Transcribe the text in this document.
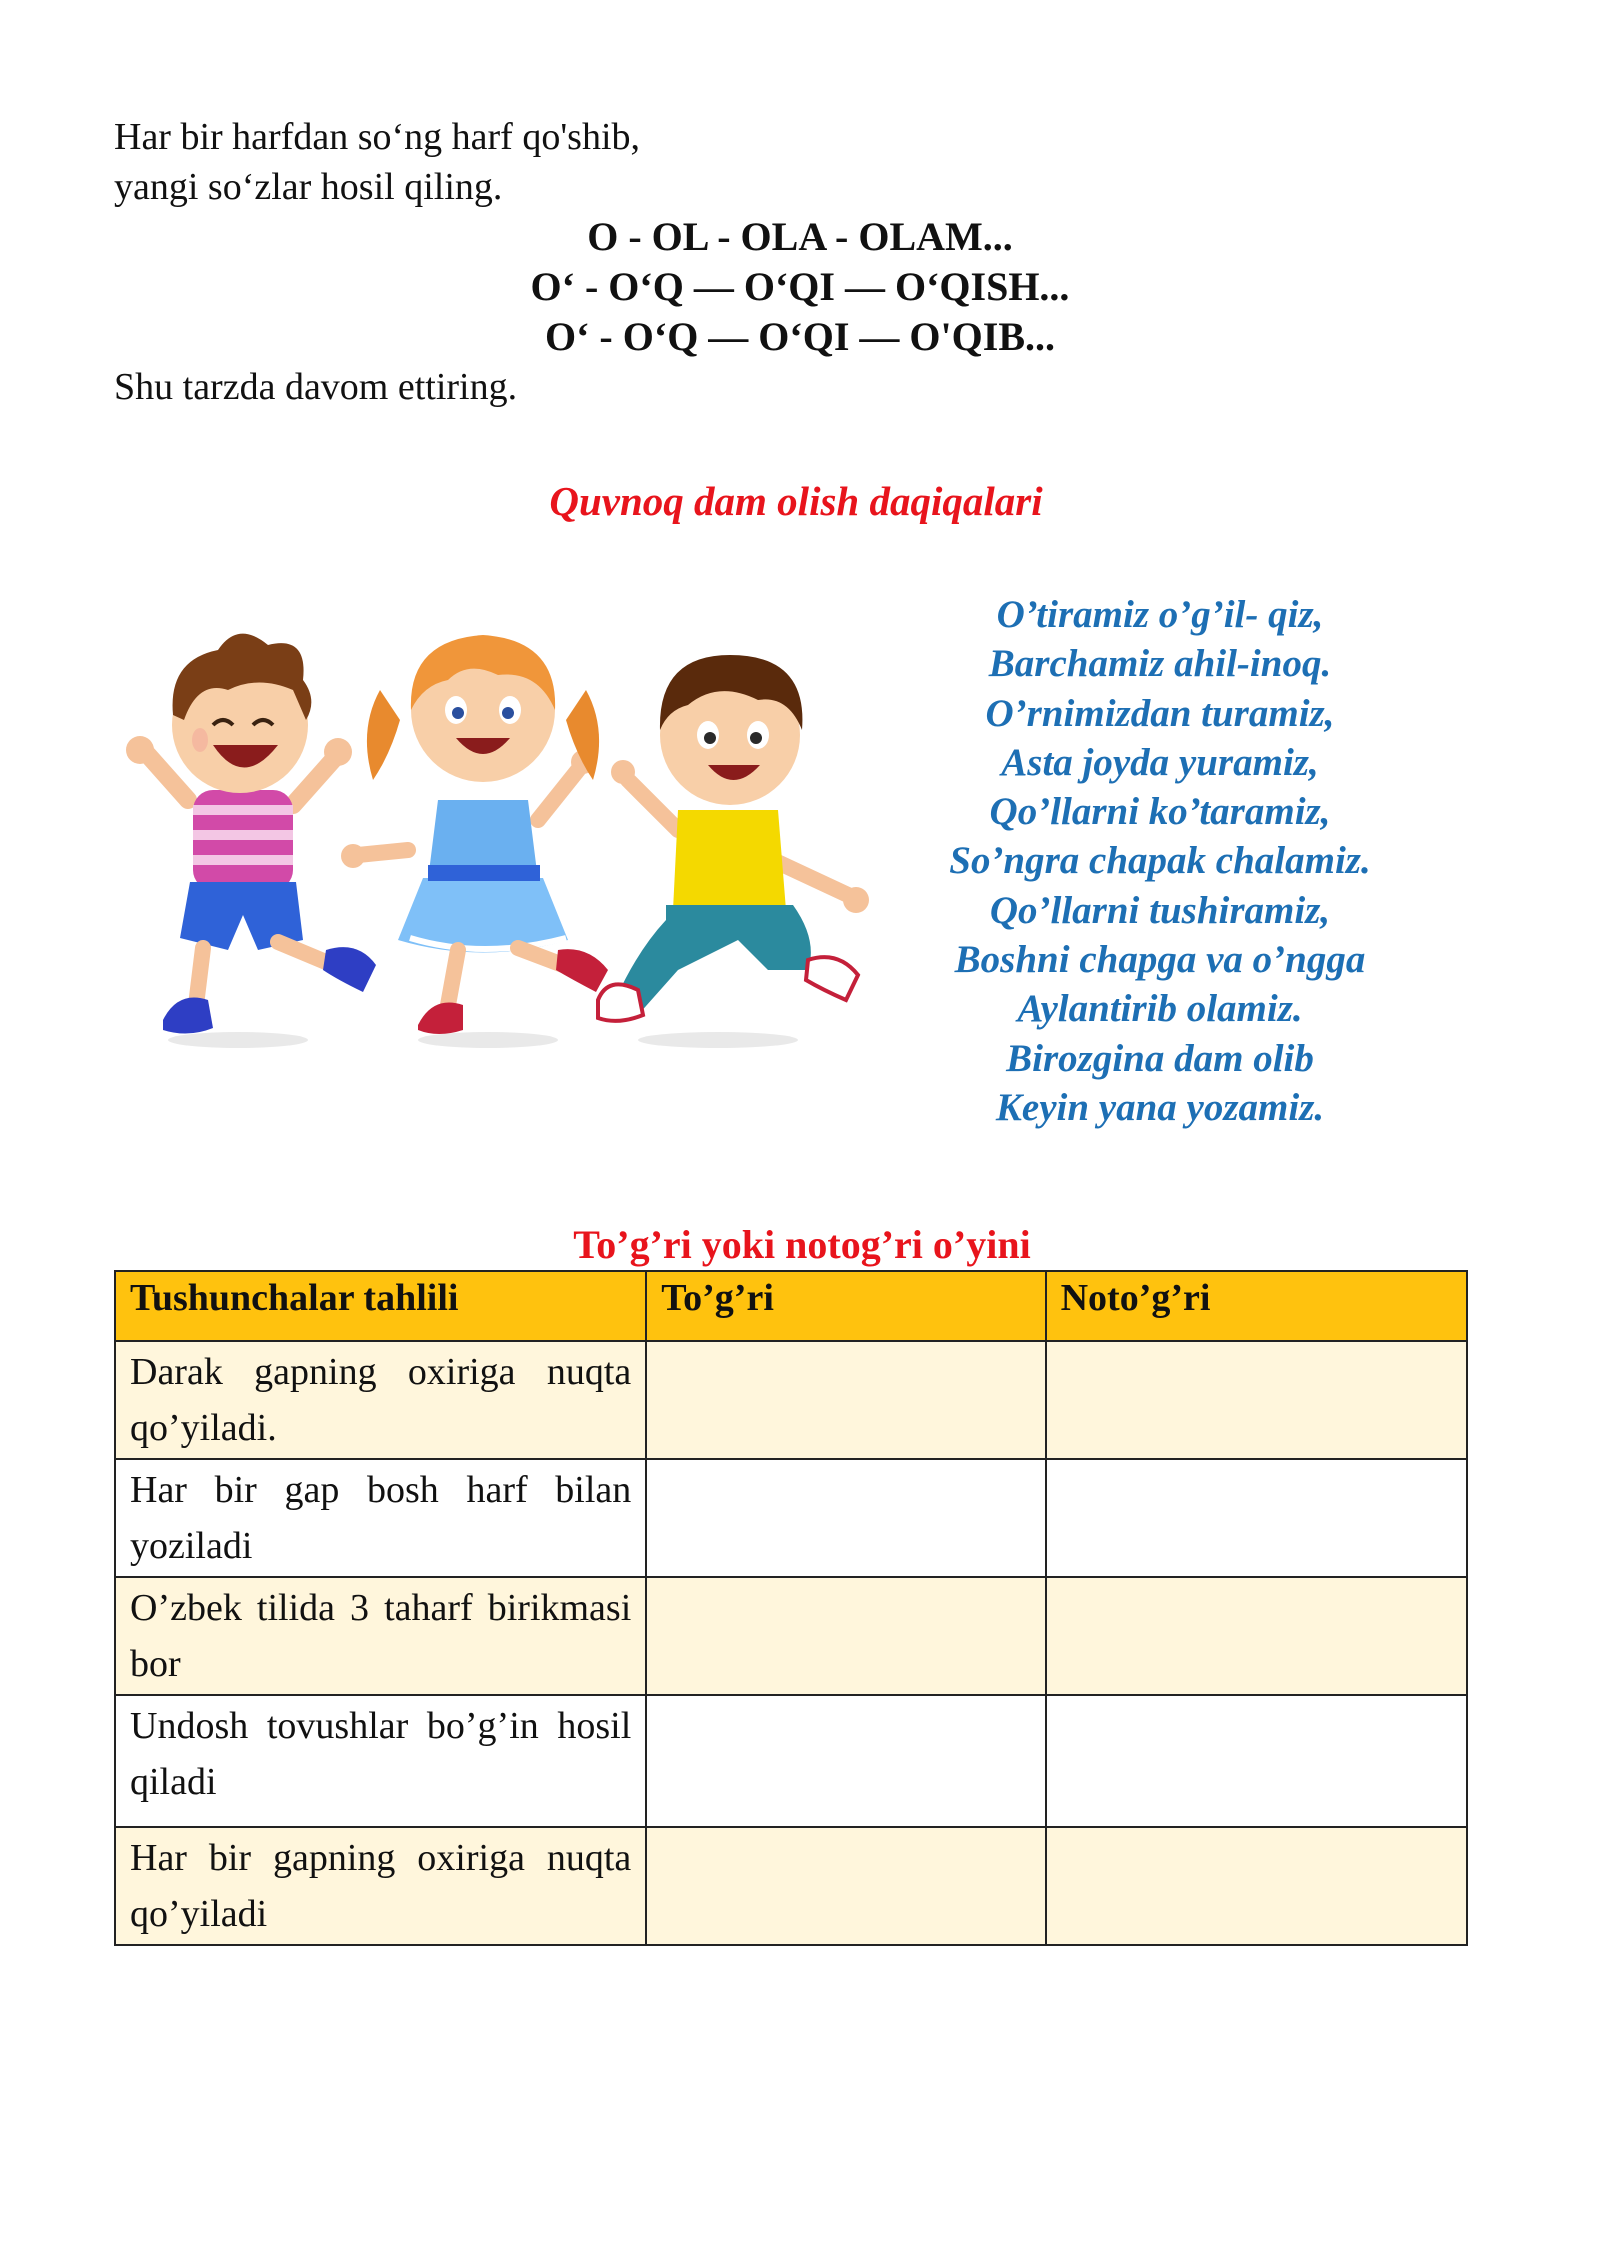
Har bir harfdan so‘ng harf qo'shib,

yangi so‘zlar hosil qiling.

O - OL - OLA - OLAM...
O‘ - O‘Q — O‘QI — O‘QISH...
O‘ - O‘Q — O‘QI — O'QIB...
Shu tarzda davom ettiring.
Quvnoq dam olish daqiqalari
O’tiramiz o’g’il- qiz,
Barchamiz ahil-inoq.
O’rnimizdan turamiz,
Asta joyda yuramiz,
Qo’llarni ko’taramiz,
So’ngra chapak chalamiz.
Qo’llarni tushiramiz,
Boshni chapga va o’ngga
Aylantirib olamiz.
Birozgina dam olib
Keyin yana yozamiz.
To’g’ri yoki notog’ri o’yini
Tushunchalar tahlili	To’g’ri	Noto’g’ri
Darak gapning oxiriga nuqta qo’yiladi.		
Har bir gap bosh harf bilan yoziladi		
O’zbek tilida 3 taharf birikmasi bor		
Undosh tovushlar bo’g’in hosil qiladi		
Har bir gapning oxiriga nuqta qo’yiladi		
